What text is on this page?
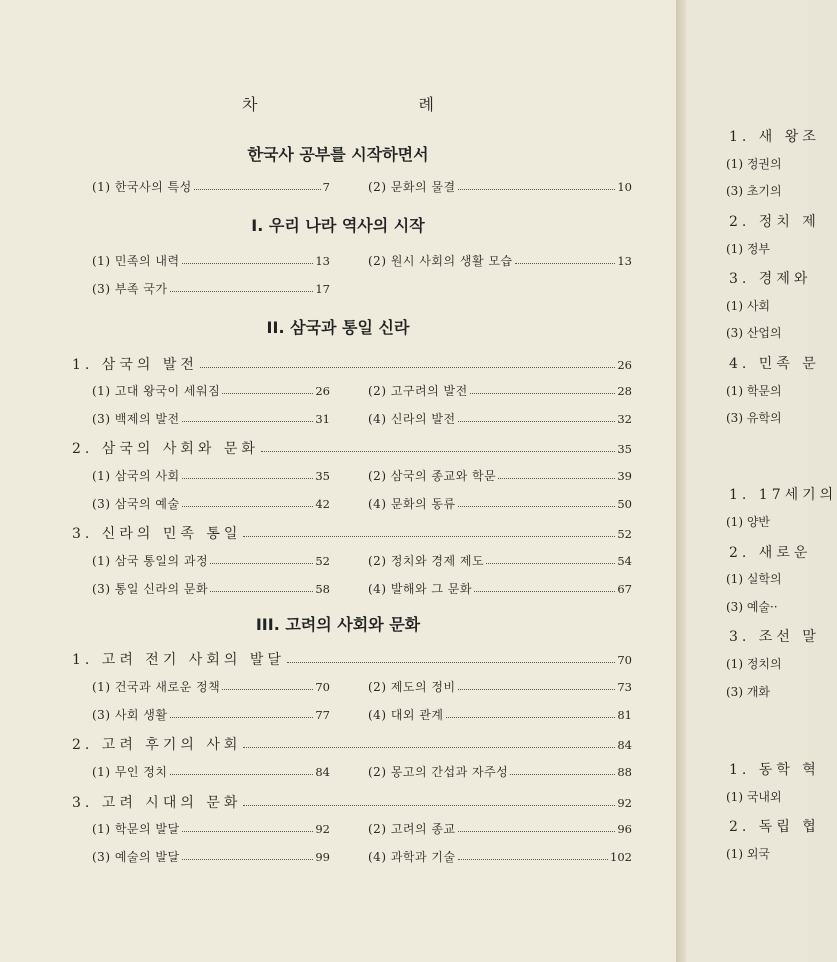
차 례
한국사 공부를 시작하면서
(1) 한국사의 특성	7	(2) 문화의 물결	10
I. 우리 나라 역사의 시작
(1) 민족의 내력	13	(2) 원시 사회의 생활 모습	13
(3) 부족 국가	17
II. 삼국과 통일 신라
1. 삼국의 발전	26
(1) 고대 왕국이 세워짐	26	(2) 고구려의 발전	28
(3) 백제의 발전	31	(4) 신라의 발전	32
2. 삼국의 사회와 문화	35
(1) 삼국의 사회	35	(2) 삼국의 종교와 학문	39
(3) 삼국의 예술	42	(4) 문화의 동류	50
3. 신라의 민족 통일	52
(1) 삼국 통일의 과정	52	(2) 정치와 경제 제도	54
(3) 통일 신라의 문화	58	(4) 발해와 그 문화	67
III. 고려의 사회와 문화
1. 고려 전기 사회의 발달	70
(1) 건국과 새로운 정책	70	(2) 제도의 정비	73
(3) 사회 생활	77	(4) 대외 관계	81
2. 고려 후기의 사회	84
(1) 무인 정치	84	(2) 몽고의 간섭과 자주성	88
3. 고려 시대의 문화	92
(1) 학문의 발달	92	(2) 고려의 종교	96
(3) 예술의 발달	99	(4) 과학과 기술	102
1. 새 왕조
(1) 정권의
(3) 초기의
2. 정치 제
(1) 정부
3. 경제와
(1) 사회
(3) 산업의
4. 민족 문
(1) 학문의
(3) 유학의
1. 17세기의
(1) 양반
2. 새로운
(1) 실학의
(3) 예술··
3. 조선 말
(1) 정치의
(3) 개화
1. 동학 혁
(1) 국내외
2. 독립 협
(1) 외국
